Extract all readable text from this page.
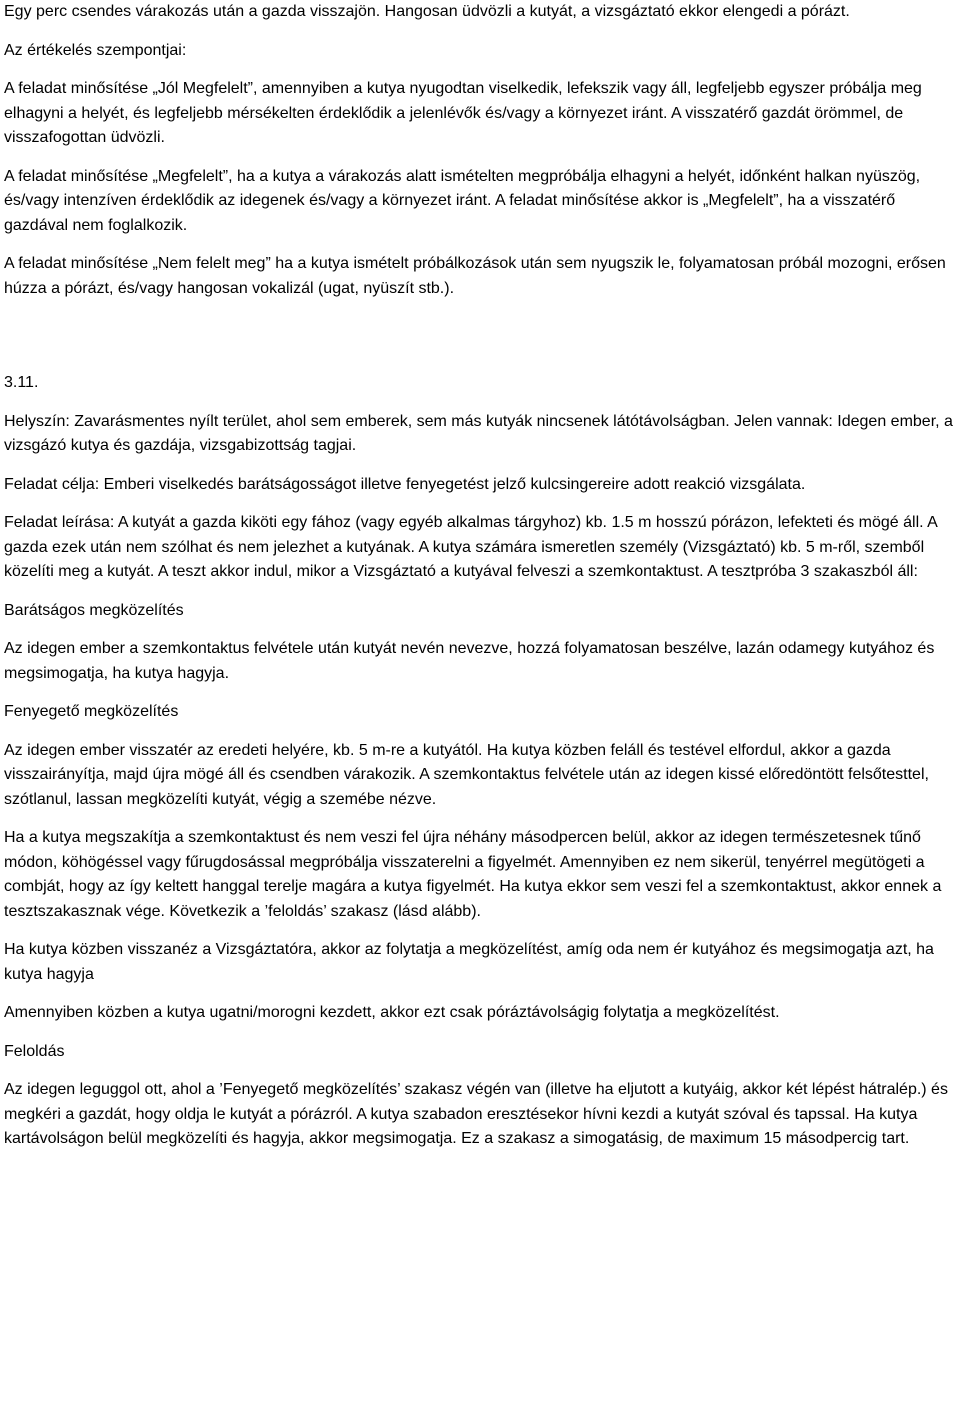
Egy perc csendes várakozás után a gazda visszajön. Hangosan üdvözli a kutyát, a vizsgáztató ekkor elengedi a pórázt.

Az értékelés szempontjai:

A feladat minősítése „Jól Megfelelt”, amennyiben a kutya nyugodtan viselkedik, lefekszik vagy áll, legfeljebb egyszer próbálja meg elhagyni a helyét, és legfeljebb mérsékelten érdeklődik a jelenlévők és/vagy a környezet iránt. A visszatérő gazdát örömmel, de visszafogottan üdvözli.

A feladat minősítése „Megfelelt”, ha a kutya a várakozás alatt ismételten megpróbálja elhagyni a helyét, időnként halkan nyüszög, és/vagy intenzíven érdeklődik az idegenek és/vagy a környezet iránt. A feladat minősítése akkor is „Megfelelt”, ha a visszatérő gazdával nem foglalkozik.

A feladat minősítése „Nem felelt meg” ha a kutya ismételt próbálkozások után sem nyugszik le, folyamatosan próbál mozogni, erősen húzza a pórázt, és/vagy hangosan vokalizál (ugat, nyüszít stb.).

3.11.

Helyszín: Zavarásmentes nyílt terület, ahol sem emberek, sem más kutyák nincsenek látótávolságban. Jelen vannak: Idegen ember, a vizsgázó kutya és gazdája, vizsgabizottság tagjai.

Feladat célja: Emberi viselkedés barátságosságot illetve fenyegetést jelző kulcsingereire adott reakció vizsgálata.

Feladat leírása: A kutyát a gazda kiköti egy fához (vagy egyéb alkalmas tárgyhoz) kb. 1.5 m hosszú pórázon, lefekteti és mögé áll. A gazda ezek után nem szólhat és nem jelezhet a kutyának. A kutya számára ismeretlen személy (Vizsgáztató) kb. 5 m-ről, szemből közelíti meg a kutyát. A teszt akkor indul, mikor a Vizsgáztató a kutyával felveszi a szemkontaktust. A tesztpróba 3 szakaszból áll:

Barátságos megközelítés

Az idegen ember a szemkontaktus felvétele után kutyát nevén nevezve, hozzá folyamatosan beszélve, lazán odamegy kutyához és megsimogatja, ha kutya hagyja.

Fenyegető megközelítés

Az idegen ember visszatér az eredeti helyére, kb. 5 m-re a kutyától. Ha kutya közben feláll és testével elfordul, akkor a gazda visszairányítja, majd újra mögé áll és csendben várakozik. A szemkontaktus felvétele után az idegen kissé előredöntött felsőtesttel, szótlanul, lassan megközelíti kutyát, végig a szemébe nézve.

Ha a kutya megszakítja a szemkontaktust és nem veszi fel újra néhány másodpercen belül, akkor az idegen természetesnek tűnő módon, köhögéssel vagy fűrugdosással megpróbálja visszaterelni a figyelmét. Amennyiben ez nem sikerül, tenyérrel megütögeti a combját, hogy az így keltett hanggal terelje magára a kutya figyelmét. Ha kutya ekkor sem veszi fel a szemkontaktust, akkor ennek a tesztszakasznak vége. Következik a ’feloldás’ szakasz (lásd alább).

Ha kutya közben visszanéz a Vizsgáztatóra, akkor az folytatja a megközelítést, amíg oda nem ér kutyához és megsimogatja azt, ha kutya hagyja

Amennyiben közben a kutya ugatni/morogni kezdett, akkor ezt csak póráztávolságig folytatja a megközelítést.

Feloldás

Az idegen leguggol ott, ahol a ’Fenyegető megközelítés’ szakasz végén van (illetve ha eljutott a kutyáig, akkor két lépést hátralép.) és megkéri a gazdát, hogy oldja le kutyát a pórázról. A kutya szabadon eresztésekor hívni kezdi a kutyát szóval és tapssal. Ha kutya kartávolságon belül megközelíti és hagyja, akkor megsimogatja. Ez a szakasz a simogatásig, de maximum 15 másodpercig tart.
